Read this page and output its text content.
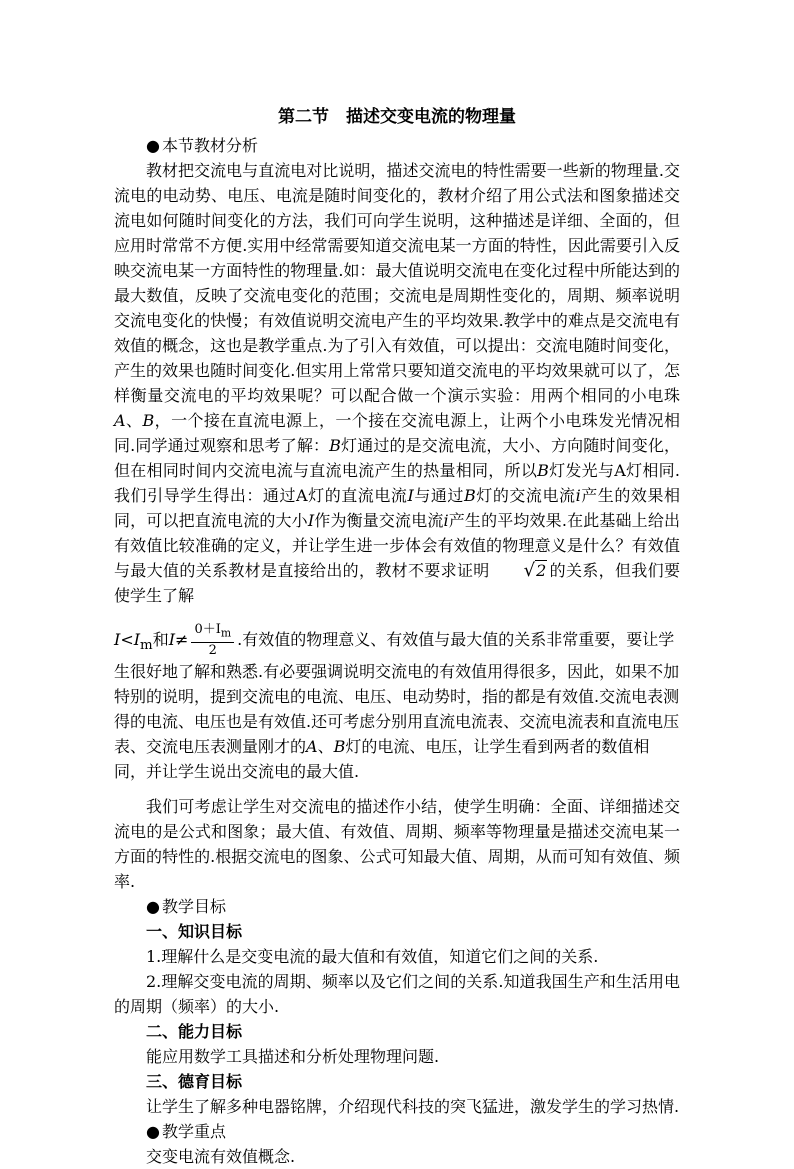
第二节　描述交变电流的物理量

● 本节教材分析

教材把交流电与直流电对比说明，描述交流电的特性需要一些新的物理量.交流电的电动势、电压、电流是随时间变化的，教材介绍了用公式法和图象描述交流电如何随时间变化的方法，我们可向学生说明，这种描述是详细、全面的，但应用时常常不方便.实用中经常需要知道交流电某一方面的特性，因此需要引入反映交流电某一方面特性的物理量.如：最大值说明交流电在变化过程中所能达到的最大数值，反映了交流电变化的范围；交流电是周期性变化的，周期、频率说明交流电变化的快慢；有效值说明交流电产生的平均效果.教学中的难点是交流电有效值的概念，这也是教学重点.为了引入有效值，可以提出：交流电随时间变化，产生的效果也随时间变化.但实用上常常只要知道交流电的平均效果就可以了，怎样衡量交流电的平均效果呢？可以配合做一个演示实验：用两个相同的小电珠A、B，一个接在直流电源上，一个接在交流电源上，让两个小电珠发光情况相同.同学通过观察和思考了解：B灯通过的是交流电流，大小、方向随时间变化，但在相同时间内交流电流与直流电流产生的热量相同，所以B灯发光与A灯相同.我们引导学生得出：通过A灯的直流电流I与通过B灯的交流电流i产生的效果相同，可以把直流电流的大小I作为衡量交流电流i产生的平均效果.在此基础上给出有效值比较准确的定义，并让学生进一步体会有效值的物理意义是什么？有效值与最大值的关系教材是直接给出的，教材不要求证明 √2 的关系，但我们要使学生了解

$I<I_m$和$I\ne \frac{0+I_m}{2}$ .有效值的物理意义、有效值与最大值的关系非常重要，要让学生很好地了解和熟悉.有必要强调说明交流电的有效值用得很多，因此，如果不加特别的说明，提到交流电的电流、电压、电动势时，指的都是有效值.交流电表测得的电流、电压也是有效值.还可考虑分别用直流电流表、交流电流表和直流电压表、交流电压表测量刚才的A、B灯的电流、电压，让学生看到两者的数值相同，并让学生说出交流电的最大值.

我们可考虑让学生对交流电的描述作小结，使学生明确：全面、详细描述交流电的是公式和图象；最大值、有效值、周期、频率等物理量是描述交流电某一方面的特性的.根据交流电的图象、公式可知最大值、周期，从而可知有效值、频率.

● 教学目标

一、知识目标

1.理解什么是交变电流的最大值和有效值，知道它们之间的关系.

2.理解交变电流的周期、频率以及它们之间的关系.知道我国生产和生活用电的周期（频率）的大小.

二、能力目标

能应用数学工具描述和分析处理物理问题.

三、德育目标

让学生了解多种电器铭牌，介绍现代科技的突飞猛进，激发学生的学习热情.

● 教学重点

交变电流有效值概念.
